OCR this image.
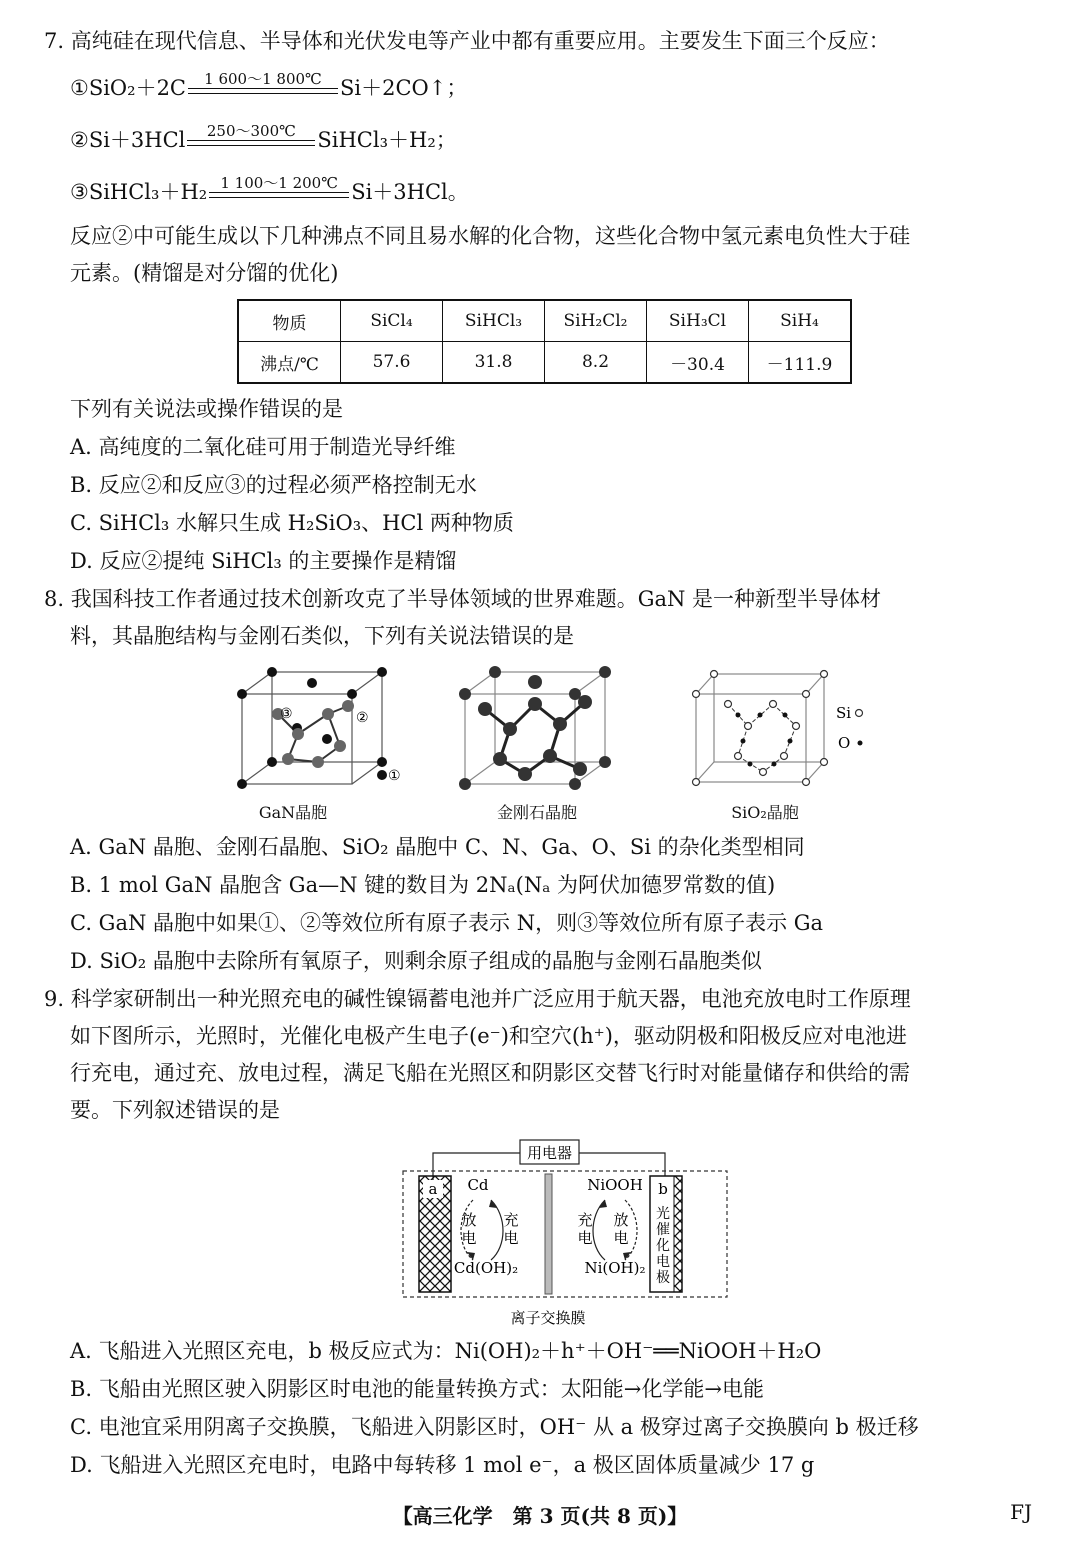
7. 高纯硅在现代信息、半导体和光伏发电等产业中都有重要应用。主要发生下面三个反应：
①SiO₂＋2C 1 600～1 800℃ Si＋2CO↑；
②Si＋3HCl 250～300℃ SiHCl₃＋H₂；
③SiHCl₃＋H₂ 1 100～1 200℃ Si＋3HCl。
反应②中可能生成以下几种沸点不同且易水解的化合物，这些化合物中氢元素电负性大于硅
元素。(精馏是对分馏的优化)
物质	SiCl₄	SiHCl₃	SiH₂Cl₂	SiH₃Cl	SiH₄
沸点/℃	57.6	31.8	8.2	－30.4	－111.9
下列有关说法或操作错误的是
A. 高纯度的二氧化硅可用于制造光导纤维
B. 反应②和反应③的过程必须严格控制无水
C. SiHCl₃ 水解只生成 H₂SiO₃、HCl 两种物质
D. 反应②提纯 SiHCl₃ 的主要操作是精馏
8. 我国科技工作者通过技术创新攻克了半导体领域的世界难题。GaN 是一种新型半导体材
料，其晶胞结构与金刚石类似，下列有关说法错误的是
③	②
①
GaN晶胞	金刚石晶胞
Si
O
SiO₂晶胞
A. GaN 晶胞、金刚石晶胞、SiO₂ 晶胞中 C、N、Ga、O、Si 的杂化类型相同
B. 1 mol GaN 晶胞含 Ga—N 键的数目为 2Nₐ(Nₐ 为阿伏加德罗常数的值)
C. GaN 晶胞中如果①、②等效位所有原子表示 N，则③等效位所有原子表示 Ga
D. SiO₂ 晶胞中去除所有氧原子，则剩余原子组成的晶胞与金刚石晶胞类似
9. 科学家研制出一种光照充电的碱性镍镉蓄电池并广泛应用于航天器，电池充放电时工作原理
如下图所示，光照时，光催化电极产生电子(e⁻)和空穴(h⁺)，驱动阴极和阳极反应对电池进
行充电，通过充、放电过程，满足飞船在光照区和阴影区交替飞行时对能量储存和供给的需
要。下列叙述错误的是
用电器
a Cd
Cd(OH)₂
放电
充电
NiOOH
Ni(OH)₂
充电
放电
b
光催化电极
离子交换膜
A. 飞船进入光照区充电，b 极反应式为：Ni(OH)₂＋h⁺＋OH⁻══NiOOH＋H₂O
B. 飞船由光照区驶入阴影区时电池的能量转换方式：太阳能→化学能→电能
C. 电池宜采用阴离子交换膜，飞船进入阴影区时，OH⁻ 从 a 极穿过离子交换膜向 b 极迁移
D. 飞船进入光照区充电时，电路中每转移 1 mol e⁻，a 极区固体质量减少 17 g
【高三化学　第 3 页(共 8 页)】	FJ
